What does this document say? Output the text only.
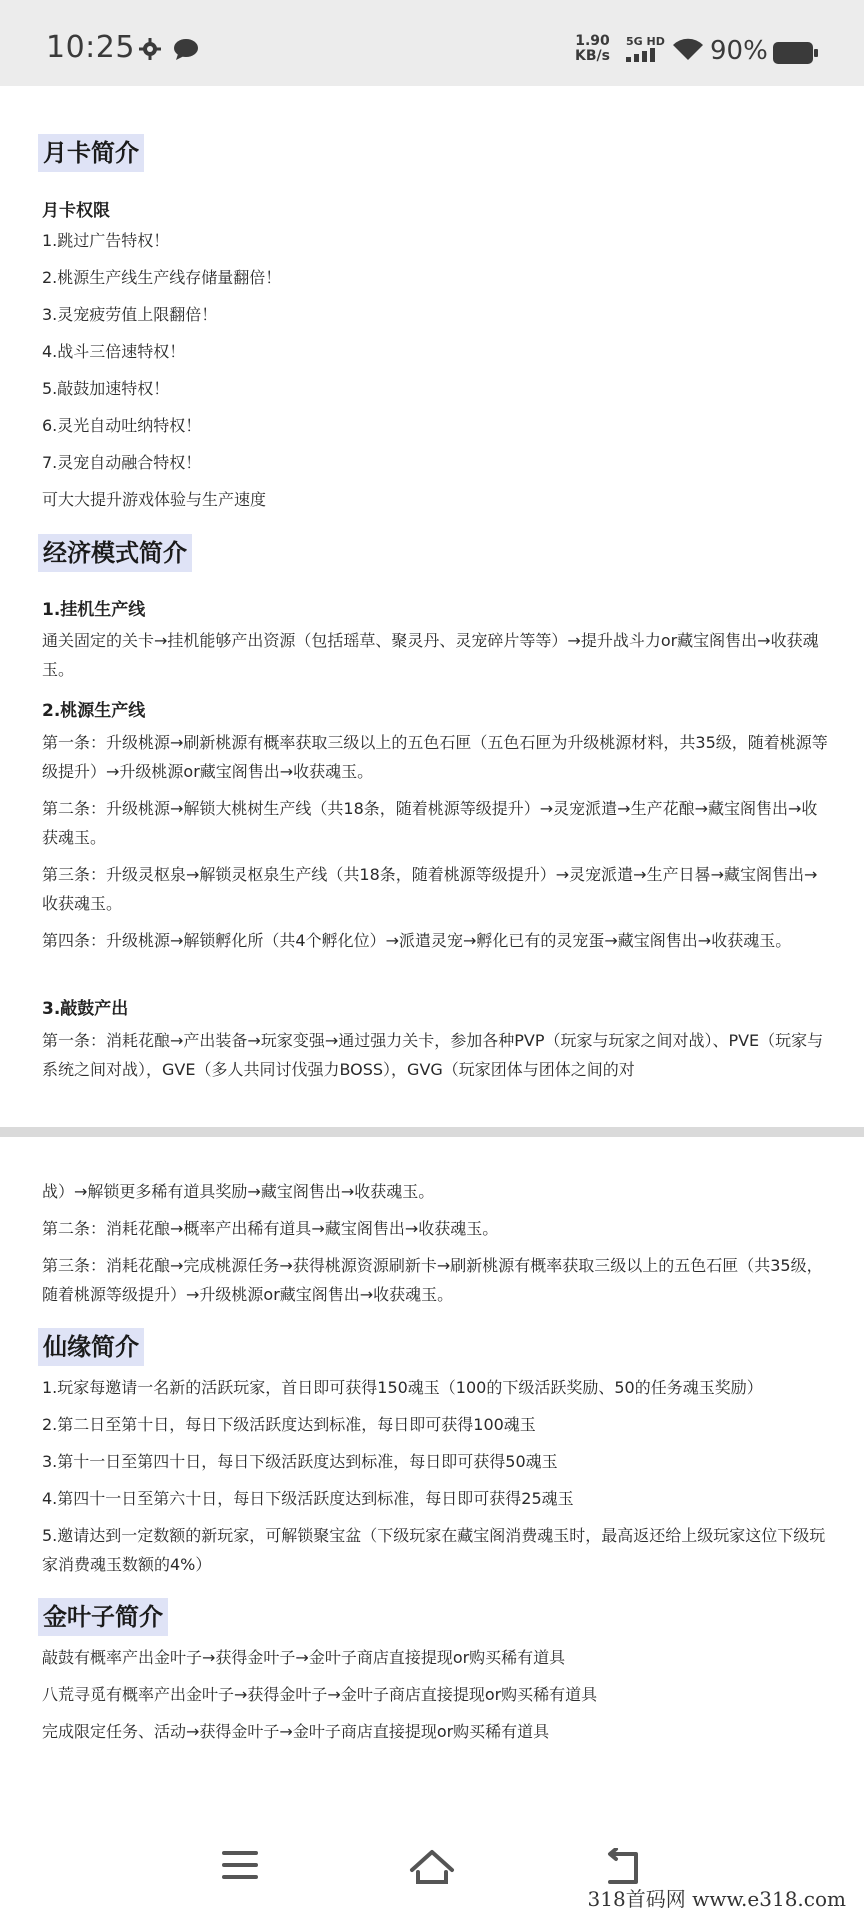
10:25	1.90
KB/s
5G HD 90%
月卡简介
月卡权限
1.跳过广告特权！
2.桃源生产线生产线存储量翻倍！
3.灵宠疲劳值上限翻倍！
4.战斗三倍速特权！
5.敲鼓加速特权！
6.灵光自动吐纳特权！
7.灵宠自动融合特权！
可大大提升游戏体验与生产速度
经济模式简介
1.挂机生产线
通关固定的关卡→挂机能够产出资源（包括瑶草、聚灵丹、灵宠碎片等等）→提升战斗力or藏宝阁售出→收获魂玉。
2.桃源生产线
第一条：升级桃源→刷新桃源有概率获取三级以上的五色石匣（五色石匣为升级桃源材料，共35级，随着桃源等级提升）→升级桃源or藏宝阁售出→收获魂玉。
第二条：升级桃源→解锁大桃树生产线（共18条，随着桃源等级提升）→灵宠派遣→生产花酿→藏宝阁售出→收获魂玉。
第三条：升级灵枢泉→解锁灵枢泉生产线（共18条，随着桃源等级提升）→灵宠派遣→生产日晷→藏宝阁售出→收获魂玉。
第四条：升级桃源→解锁孵化所（共4个孵化位）→派遣灵宠→孵化已有的灵宠蛋→藏宝阁售出→收获魂玉。
3.敲鼓产出
第一条：消耗花酿→产出装备→玩家变强→通过强力关卡，参加各种PVP（玩家与玩家之间对战）、PVE（玩家与系统之间对战），GVE（多人共同讨伐强力BOSS），GVG（玩家团体与团体之间的对
战）→解锁更多稀有道具奖励→藏宝阁售出→收获魂玉。
第二条：消耗花酿→概率产出稀有道具→藏宝阁售出→收获魂玉。
第三条：消耗花酿→完成桃源任务→获得桃源资源刷新卡→刷新桃源有概率获取三级以上的五色石匣（共35级，随着桃源等级提升）→升级桃源or藏宝阁售出→收获魂玉。
仙缘简介
1.玩家每邀请一名新的活跃玩家，首日即可获得150魂玉（100的下级活跃奖励、50的任务魂玉奖励）
2.第二日至第十日，每日下级活跃度达到标准，每日即可获得100魂玉
3.第十一日至第四十日，每日下级活跃度达到标准，每日即可获得50魂玉
4.第四十一日至第六十日，每日下级活跃度达到标准，每日即可获得25魂玉
5.邀请达到一定数额的新玩家，可解锁聚宝盆（下级玩家在藏宝阁消费魂玉时，最高返还给上级玩家这位下级玩家消费魂玉数额的4%）
金叶子简介
敲鼓有概率产出金叶子→获得金叶子→金叶子商店直接提现or购买稀有道具
八荒寻觅有概率产出金叶子→获得金叶子→金叶子商店直接提现or购买稀有道具
完成限定任务、活动→获得金叶子→金叶子商店直接提现or购买稀有道具
318首码网 www.e318.com
